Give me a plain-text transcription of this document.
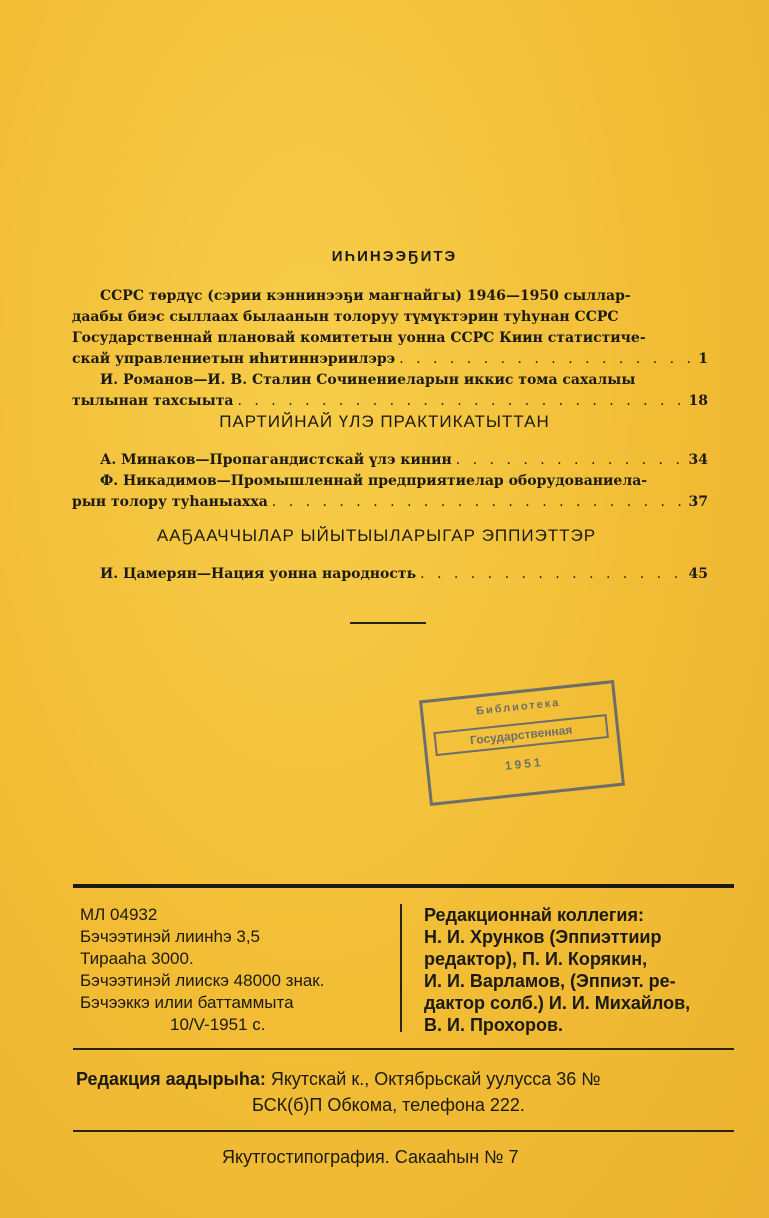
ИҺИНЭЭҔИТЭ
ССРС тѳрдүс (сэрии кэннинээҕи маҥнайгы) 1946—1950 сыллар-
даабы биэс сыллаах былаанын толоруу түмүктэрин туһунан ССРС
Государственнай плановай комитетын уоннa ССРС Киин статистиче-
скай управлениетын иһитиннэриилэрэ . . .	1
И. Романов—И. В. Сталин Сочинениеларын иккис тома сахалыы
тылынан тахсыыта . . .	18
ПАРТИЙНАЙ ҮЛЭ ПРАКТИКАТЫТТАН
А. Минаков—Пропагандистскай үлэ кинин . . .	34
Ф. Никадимов—Промышленнай предприятиелар оборудованиела-
рын толору туһаныахха . . .	37
ААҔААЧЧЫЛАР ЫЙЫТЫЫЛАРЫГАР ЭППИЭТТЭР
И. Цамерян—Нация уонна народность . . .	45
Библиотека
Государственная
1951
МЛ 04932
Бэчээтинэй лиинһэ 3,5
Тирааһа 3000.
Бэчээтинэй лиискэ 48000 знак.
Бэчээккэ илии баттаммыта
10/V-1951 с.
Редакционнай коллегия:
Н. И. Хрунков (Эппиэттиир
редактор), П. И. Корякин,
И. И. Варламов, (Эппиэт. ре-
дактор солб.) И. И. Михайлов,
В. И. Прохоров.
Редакция аадырыһа: Якутскай к., Октябрьскай уулусса 36 №
БСК(б)П Обкома, телефона 222.
Якутгостипография. Сакааһын № 7
